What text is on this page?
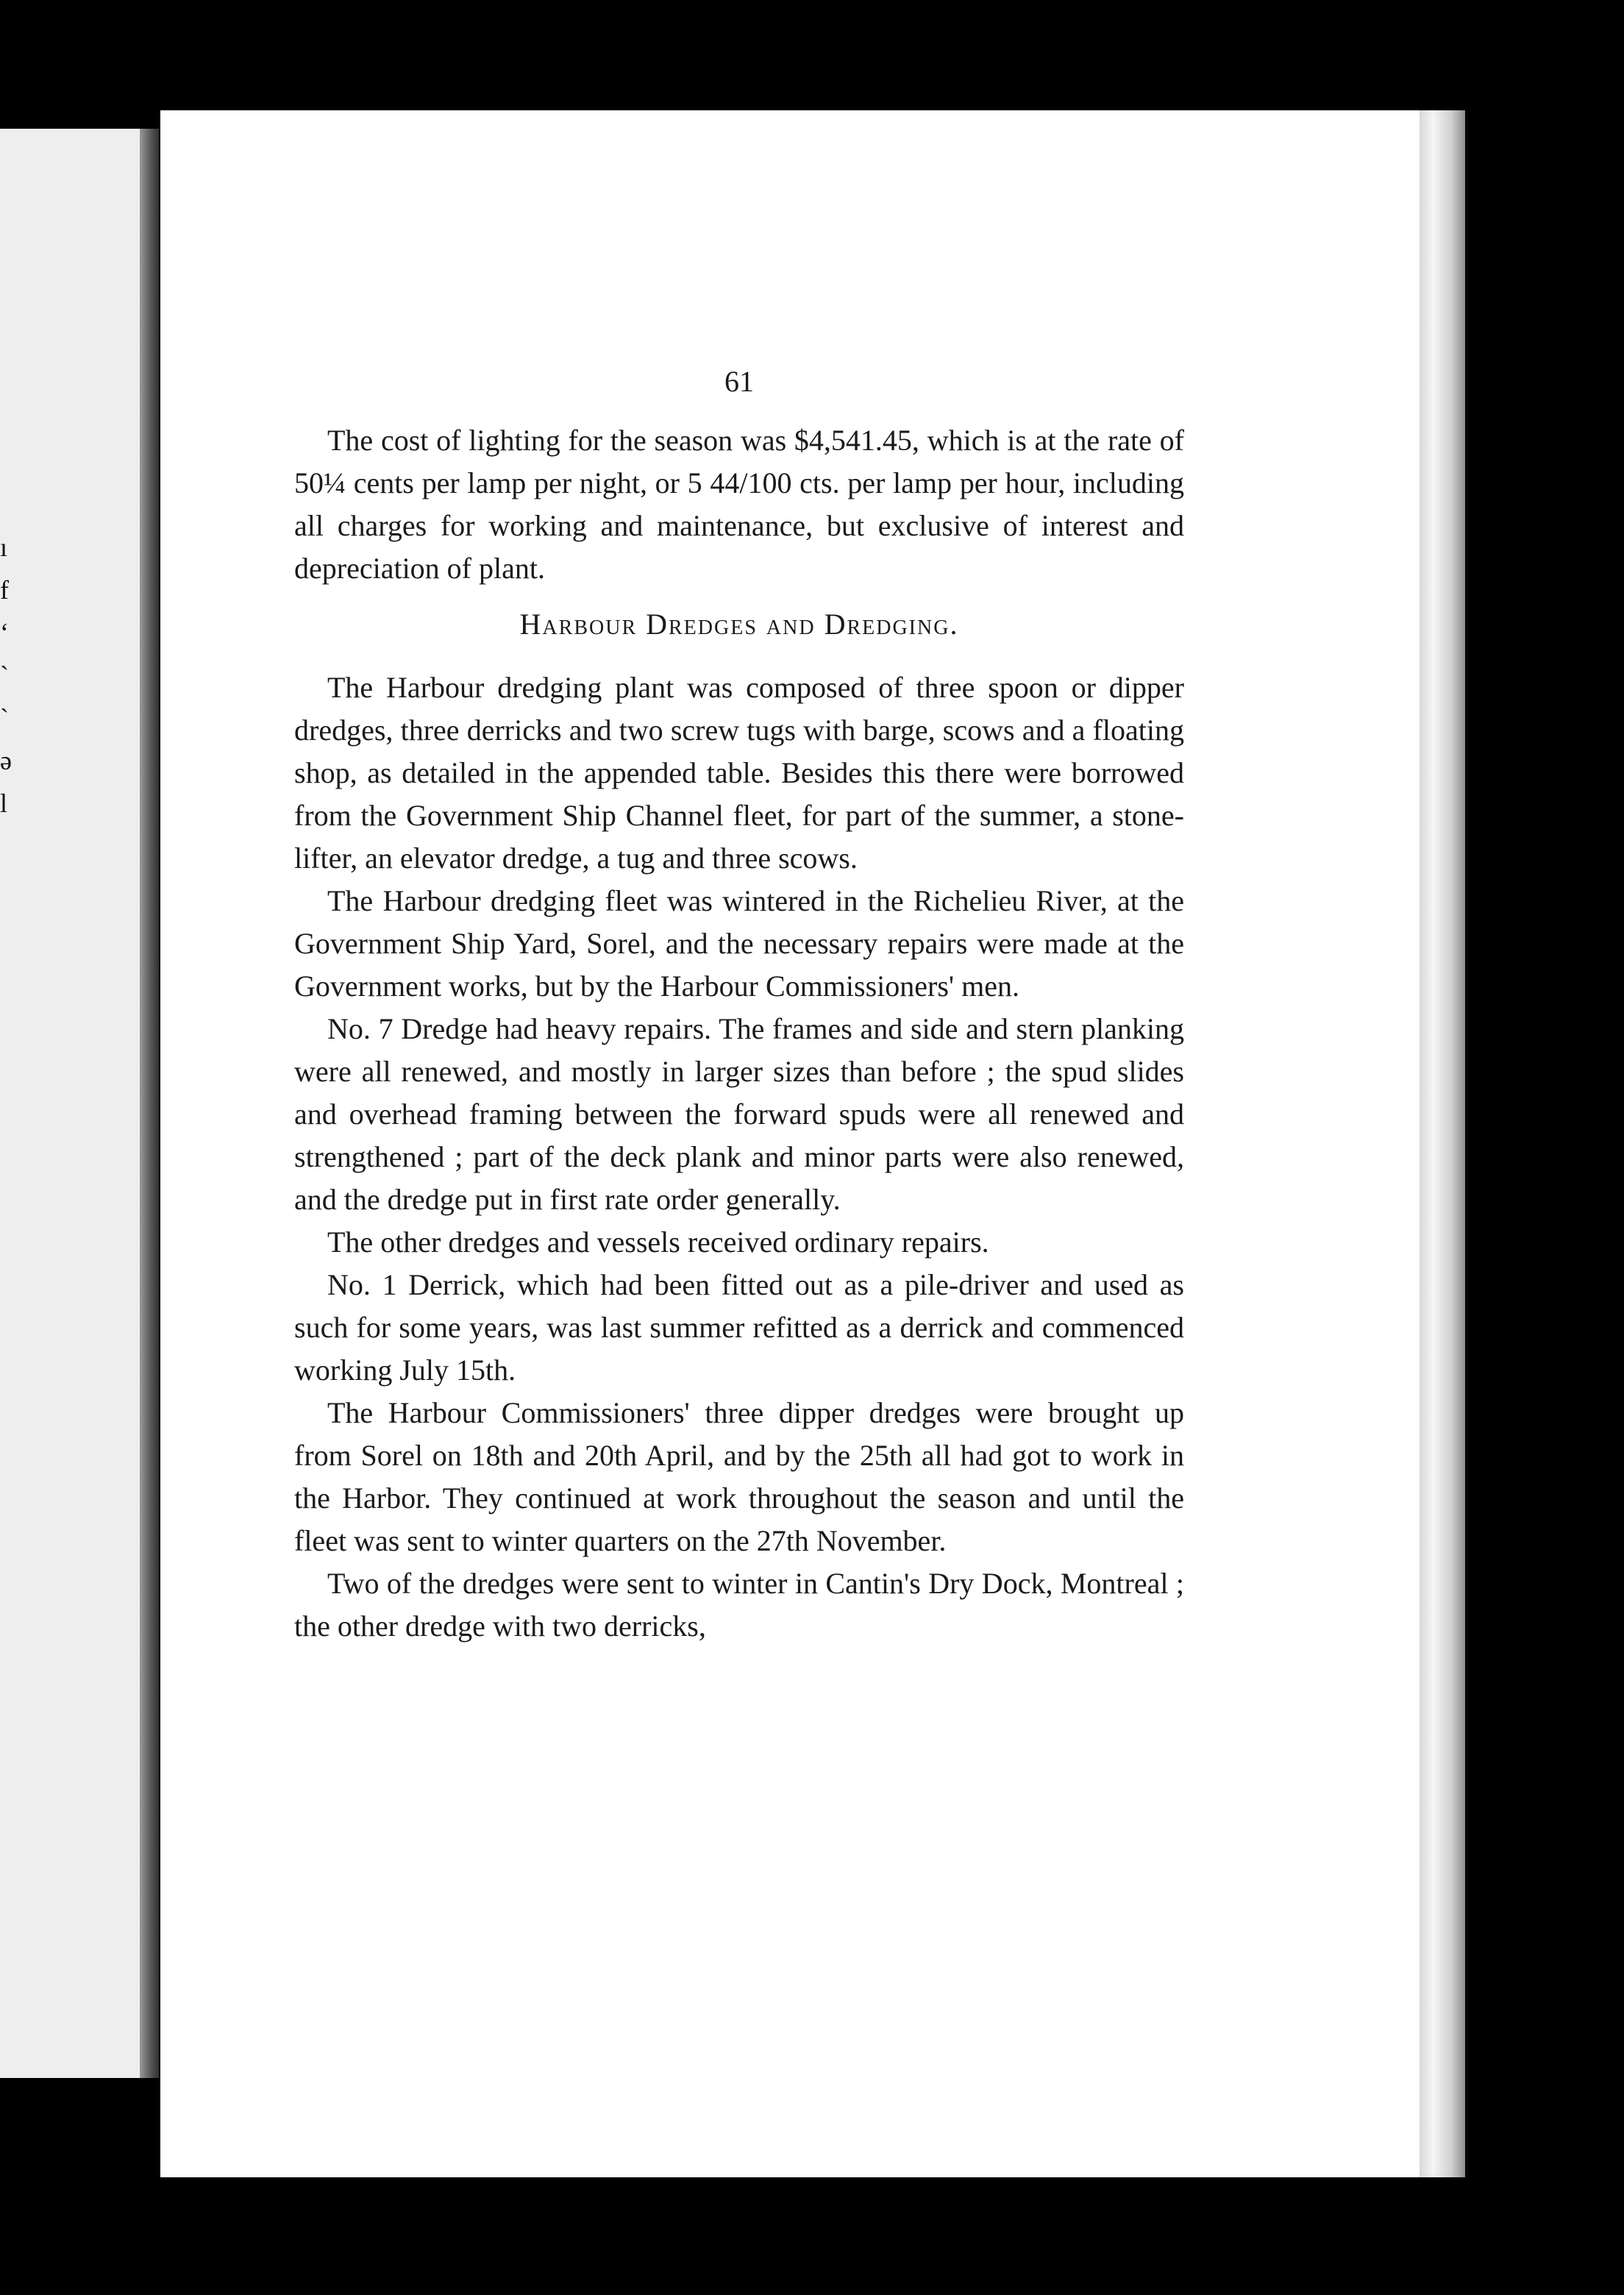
ı
f
ʻ
ˋ
ˋ
ə
l
61

The cost of lighting for the season was $4,541.45, which is at the rate of 50¼ cents per lamp per night, or 5 44/100 cts. per lamp per hour, including all charges for working and maintenance, but exclusive of interest and depreciation of plant.

Harbour Dredges and Dredging.

The Harbour dredging plant was composed of three spoon or dipper dredges, three derricks and two screw tugs with barge, scows and a floating shop, as detailed in the appended table. Besides this there were borrowed from the Government Ship Channel fleet, for part of the summer, a stone-lifter, an elevator dredge, a tug and three scows.

The Harbour dredging fleet was wintered in the Richelieu River, at the Government Ship Yard, Sorel, and the necessary repairs were made at the Government works, but by the Harbour Commissioners' men.

No. 7 Dredge had heavy repairs. The frames and side and stern planking were all renewed, and mostly in larger sizes than before ; the spud slides and overhead framing between the forward spuds were all renewed and strengthened ; part of the deck plank and minor parts were also renewed, and the dredge put in first rate order generally.

The other dredges and vessels received ordinary repairs.

No. 1 Derrick, which had been fitted out as a pile-driver and used as such for some years, was last summer refitted as a derrick and commenced working July 15th.

The Harbour Commissioners' three dipper dredges were brought up from Sorel on 18th and 20th April, and by the 25th all had got to work in the Harbor. They continued at work throughout the season and until the fleet was sent to winter quarters on the 27th November.

Two of the dredges were sent to winter in Cantin's Dry Dock, Montreal ; the other dredge with two derricks,
